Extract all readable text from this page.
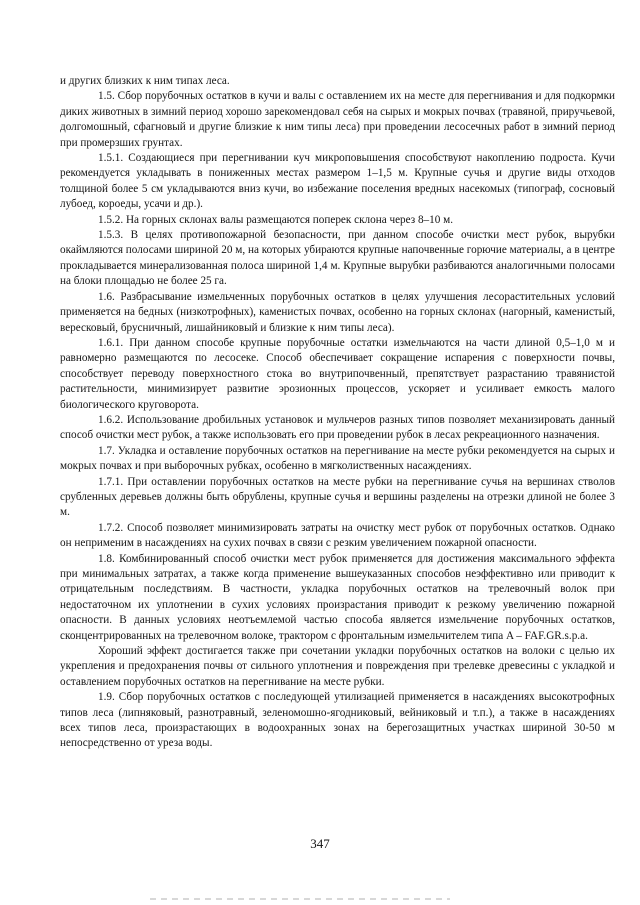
и других близких к ним типах леса.

1.5. Сбор порубочных остатков в кучи и валы с оставлением их на месте для перегнивания и для подкормки диких животных в зимний период хорошо зарекомендовал себя на сырых и мокрых почвах (травяной, приручьевой, долгомошный, сфагновый и другие близкие к ним типы леса) при проведении лесосечных работ в зимний период при промерзших грунтах.

1.5.1. Создающиеся при перегнивании куч микроповышения способствуют накоплению подроста. Кучи рекомендуется укладывать в пониженных местах размером 1–1,5 м. Крупные сучья и другие виды отходов толщиной более 5 см укладываются вниз кучи, во избежание поселения вредных насекомых (типограф, сосновый лубоед, короеды, усачи и др.).

1.5.2. На горных склонах валы размещаются поперек склона через 8–10 м.

1.5.3. В целях противопожарной безопасности, при данном способе очистки мест рубок, вырубки окаймляются полосами шириной 20 м, на которых убираются крупные напочвенные горючие материалы, а в центре прокладывается минерализованная полоса шириной 1,4 м. Крупные вырубки разбиваются аналогичными полосами на блоки площадью не более 25 га.

1.6. Разбрасывание измельченных порубочных остатков в целях улучшения лесорастительных условий применяется на бедных (низкотрофных), каменистых почвах, особенно на горных склонах (нагорный, каменистый, вересковый, брусничный, лишайниковый и близкие к ним типы леса).

1.6.1. При данном способе крупные порубочные остатки измельчаются на части длиной 0,5–1,0 м и равномерно размещаются по лесосеке. Способ обеспечивает сокращение испарения с поверхности почвы, способствует переводу поверхностного стока во внутрипочвенный, препятствует разрастанию травянистой растительности, минимизирует развитие эрозионных процессов, ускоряет и усиливает емкость малого биологического круговорота.

1.6.2. Использование дробильных установок и мульчеров разных типов позволяет механизировать данный способ очистки мест рубок, а также использовать его при проведении рубок в лесах рекреационного назначения.

1.7. Укладка и оставление порубочных остатков на перегнивание на месте рубки рекомендуется на сырых и мокрых почвах и при выборочных рубках, особенно в мягколиственных насаждениях.

1.7.1. При оставлении порубочных остатков на месте рубки на перегнивание сучья на вершинах стволов срубленных деревьев должны быть обрублены, крупные сучья и вершины разделены на отрезки длиной не более 3 м.

1.7.2. Способ позволяет минимизировать затраты на очистку мест рубок от порубочных остатков. Однако он неприменим в насаждениях на сухих почвах в связи с резким увеличением пожарной опасности.

1.8. Комбинированный способ очистки мест рубок применяется для достижения максимального эффекта при минимальных затратах, а также когда применение вышеуказанных способов неэффективно или приводит к отрицательным последствиям. В частности, укладка порубочных остатков на трелевочный волок при недостаточном их уплотнении в сухих условиях произрастания приводит к резкому увеличению пожарной опасности. В данных условиях неотъемлемой частью способа является измельчение порубочных остатков, сконцентрированных на трелевочном волоке, трактором с фронтальным измельчителем типа A – FAF.GR.s.p.a.

Хороший эффект достигается также при сочетании укладки порубочных остатков на волоки с целью их укрепления и предохранения почвы от сильного уплотнения и повреждения при трелевке древесины с укладкой и оставлением порубочных остатков на перегнивание на месте рубки.

1.9. Сбор порубочных остатков с последующей утилизацией применяется в насаждениях высокотрофных типов леса (липняковый, разнотравный, зеленомошно-ягодниковый, вейниковый и т.п.), а также в насаждениях всех типов леса, произрастающих в водоохранных зонах на берегозащитных участках шириной 30-50 м непосредственно от уреза воды.

347
